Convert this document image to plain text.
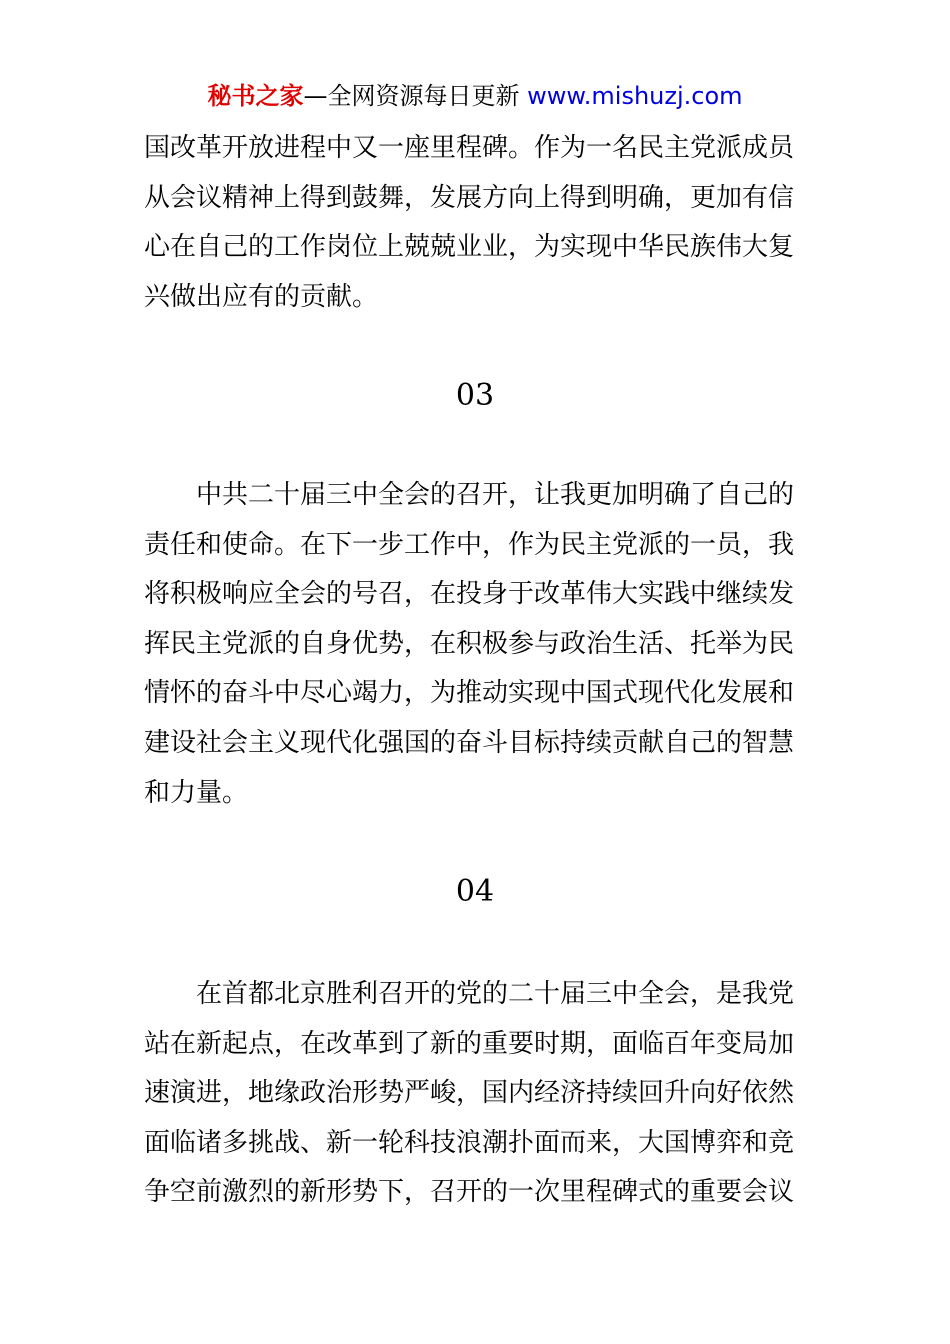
秘书之家—全网资源每日更新 www.mishuzj.com
国改革开放进程中又一座里程碑。作为一名民主党派成员
从会议精神上得到鼓舞，发展方向上得到明确，更加有信
心在自己的工作岗位上兢兢业业，为实现中华民族伟大复
兴做出应有的贡献。
03
中共二十届三中全会的召开，让我更加明确了自己的
责任和使命。在下一步工作中，作为民主党派的一员，我
将积极响应全会的号召，在投身于改革伟大实践中继续发
挥民主党派的自身优势，在积极参与政治生活、托举为民
情怀的奋斗中尽心竭力，为推动实现中国式现代化发展和
建设社会主义现代化强国的奋斗目标持续贡献自己的智慧
和力量。
04
在首都北京胜利召开的党的二十届三中全会，是我党
站在新起点，在改革到了新的重要时期，面临百年变局加
速演进，地缘政治形势严峻，国内经济持续回升向好依然
面临诸多挑战、新一轮科技浪潮扑面而来，大国博弈和竞
争空前激烈的新形势下，召开的一次里程碑式的重要会议
